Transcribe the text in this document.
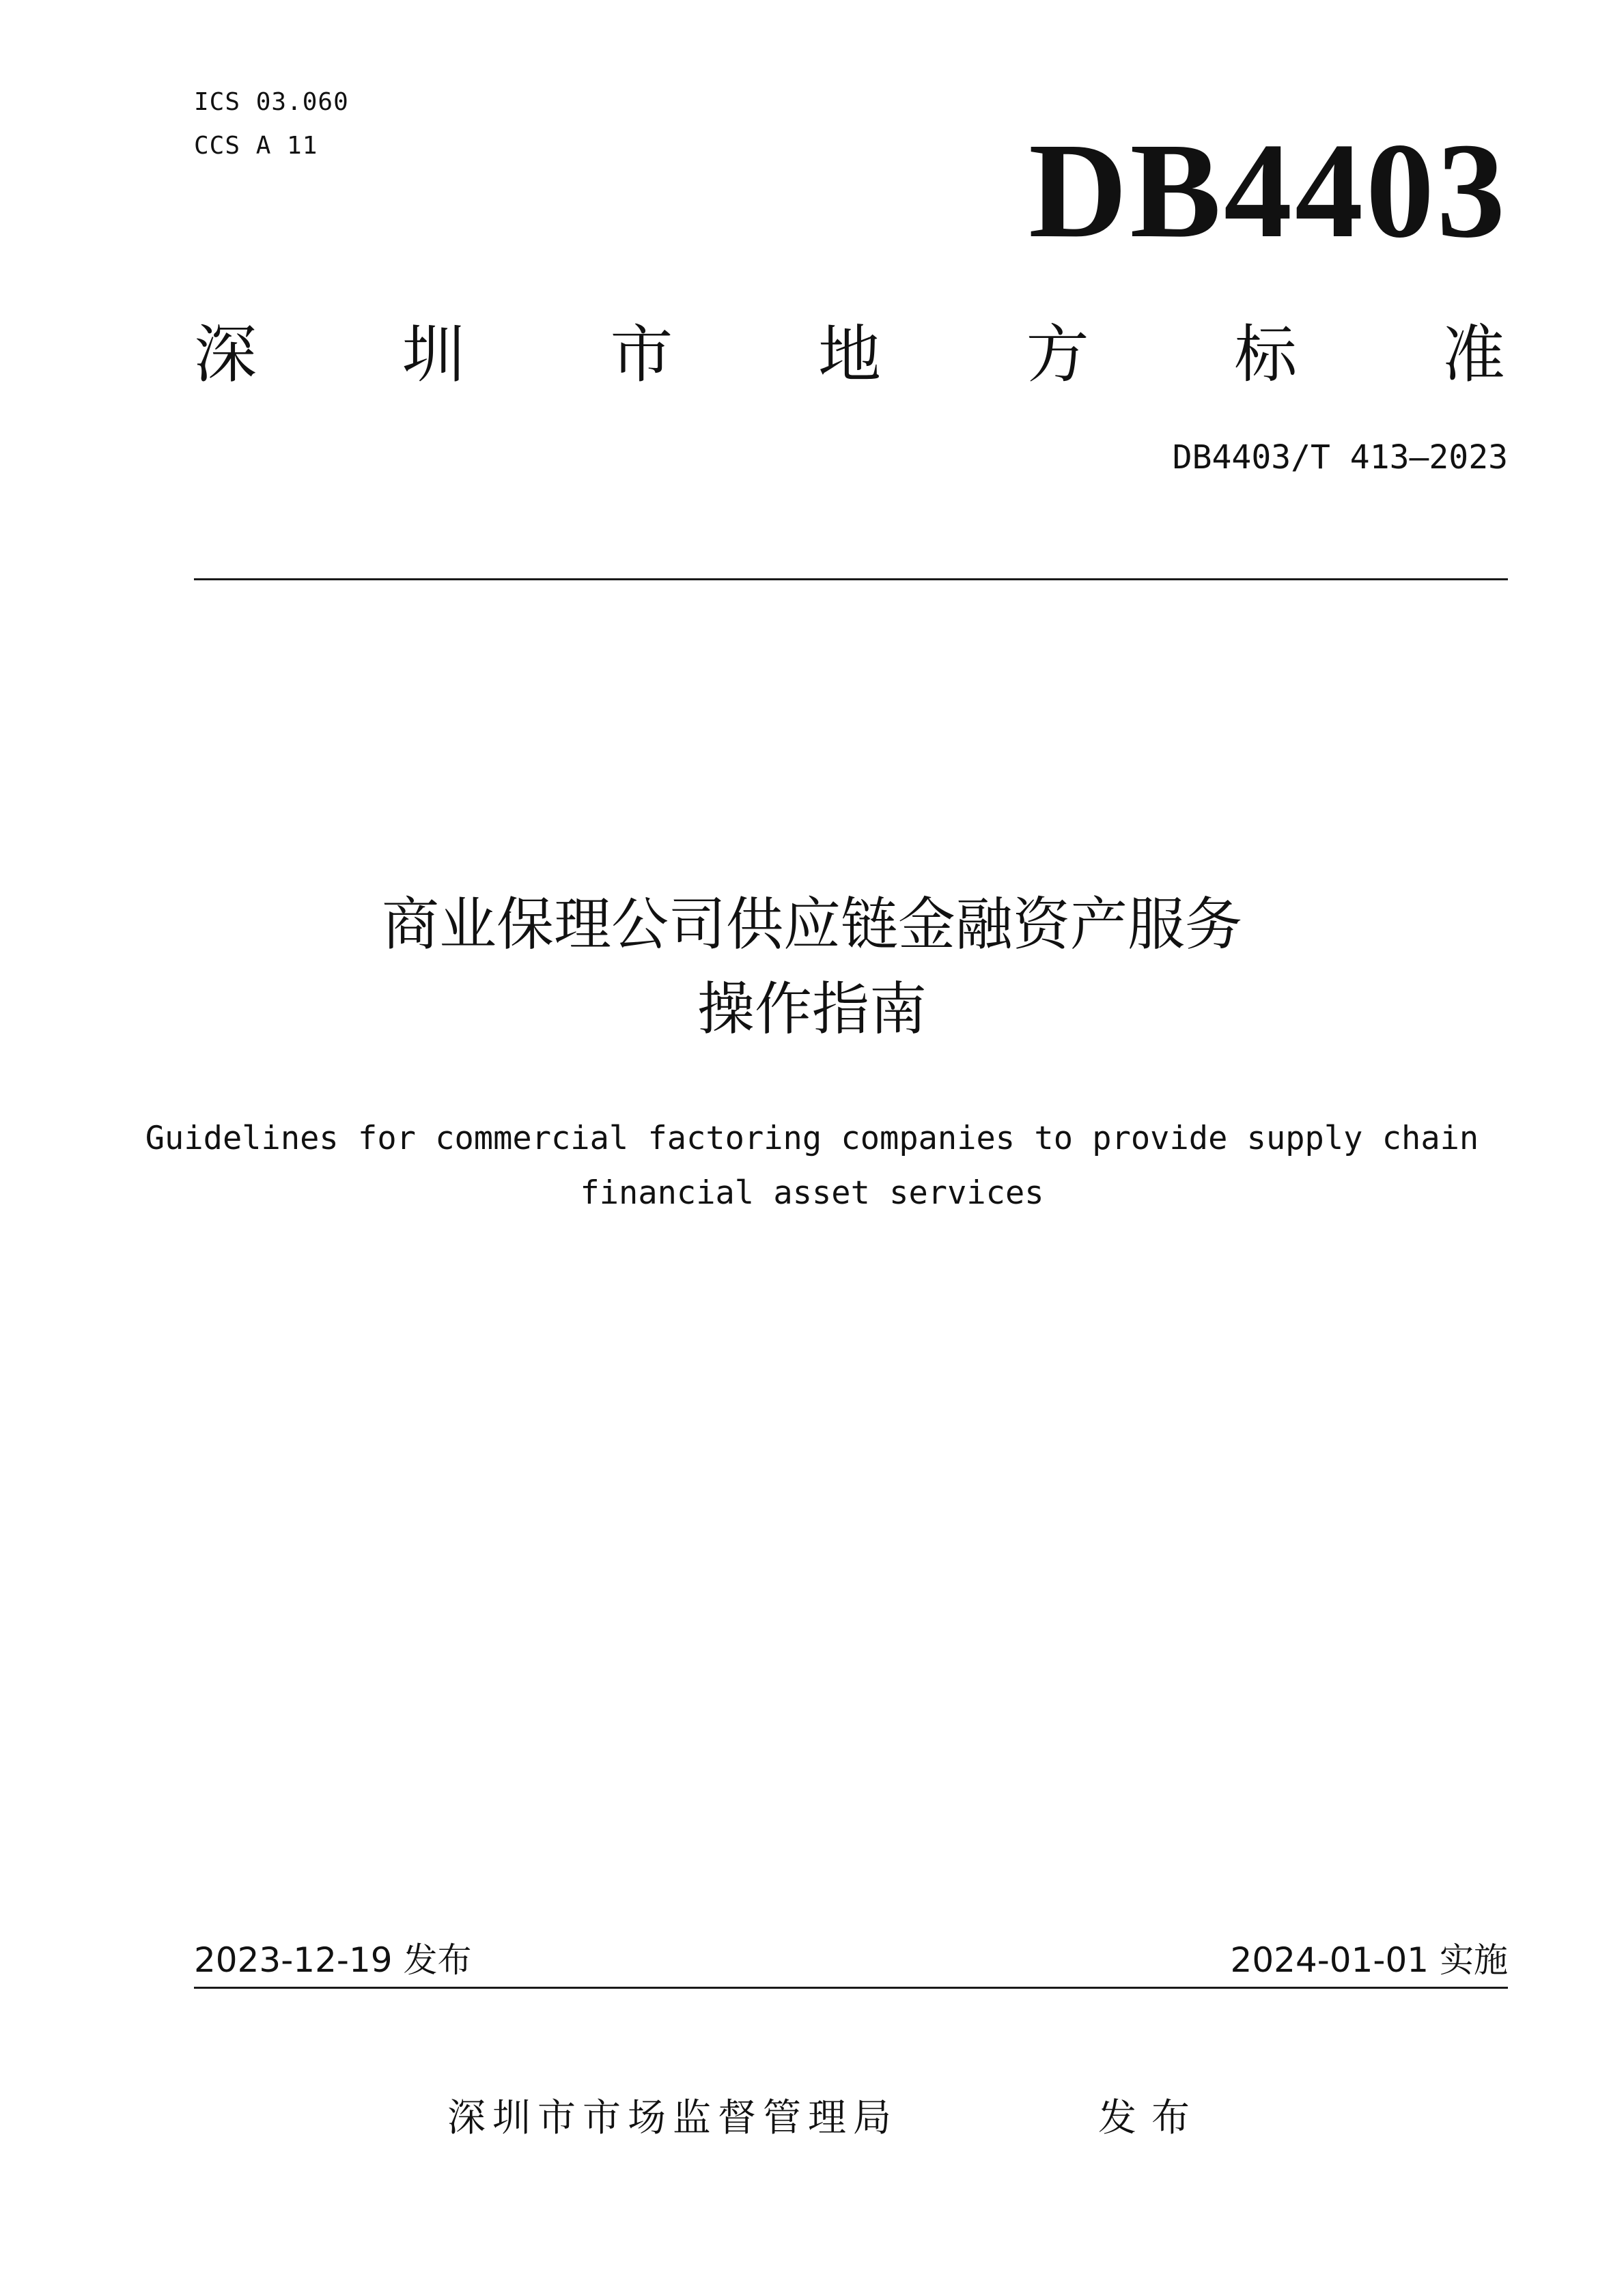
ICS 03.060
CCS A 11	DB4403
深 圳 市 地 方 标 准
DB4403/T 413—2023
商业保理公司供应链金融资产服务
操作指南
Guidelines for commercial factoring companies to provide supply chain
financial asset services
2023-12-19 发布	2024-01-01 实施
深圳市市场监督管理局	发布
